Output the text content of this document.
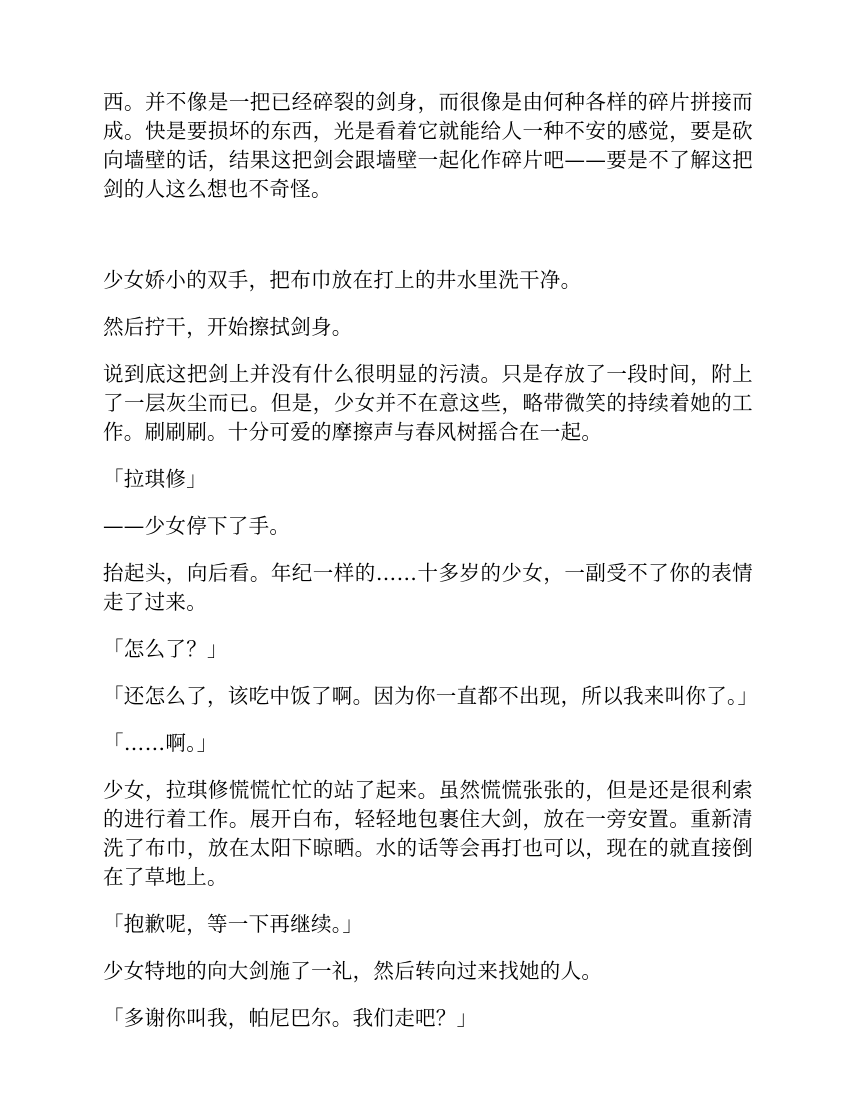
西。并不像是一把已经碎裂的剑身，而很像是由何种各样的碎片拼接而成。快是要损坏的东西，光是看着它就能给人一种不安的感觉，要是砍向墙壁的话，结果这把剑会跟墙壁一起化作碎片吧——要是不了解这把剑的人这么想也不奇怪。

少女娇小的双手，把布巾放在打上的井水里洗干净。

然后拧干，开始擦拭剑身。

说到底这把剑上并没有什么很明显的污渍。只是存放了一段时间，附上了一层灰尘而已。但是，少女并不在意这些，略带微笑的持续着她的工作。刷刷刷。十分可爱的摩擦声与春风树摇合在一起。

「拉琪修」

——少女停下了手。

抬起头，向后看。年纪一样的……十多岁的少女，一副受不了你的表情走了过来。

「怎么了？」

「还怎么了，该吃中饭了啊。因为你一直都不出现，所以我来叫你了。」

「……啊。」

少女，拉琪修慌慌忙忙的站了起来。虽然慌慌张张的，但是还是很利索的进行着工作。展开白布，轻轻地包裹住大剑，放在一旁安置。重新清洗了布巾，放在太阳下晾晒。水的话等会再打也可以，现在的就直接倒在了草地上。

「抱歉呢，等一下再继续。」

少女特地的向大剑施了一礼，然后转向过来找她的人。

「多谢你叫我，帕尼巴尔。我们走吧？」
